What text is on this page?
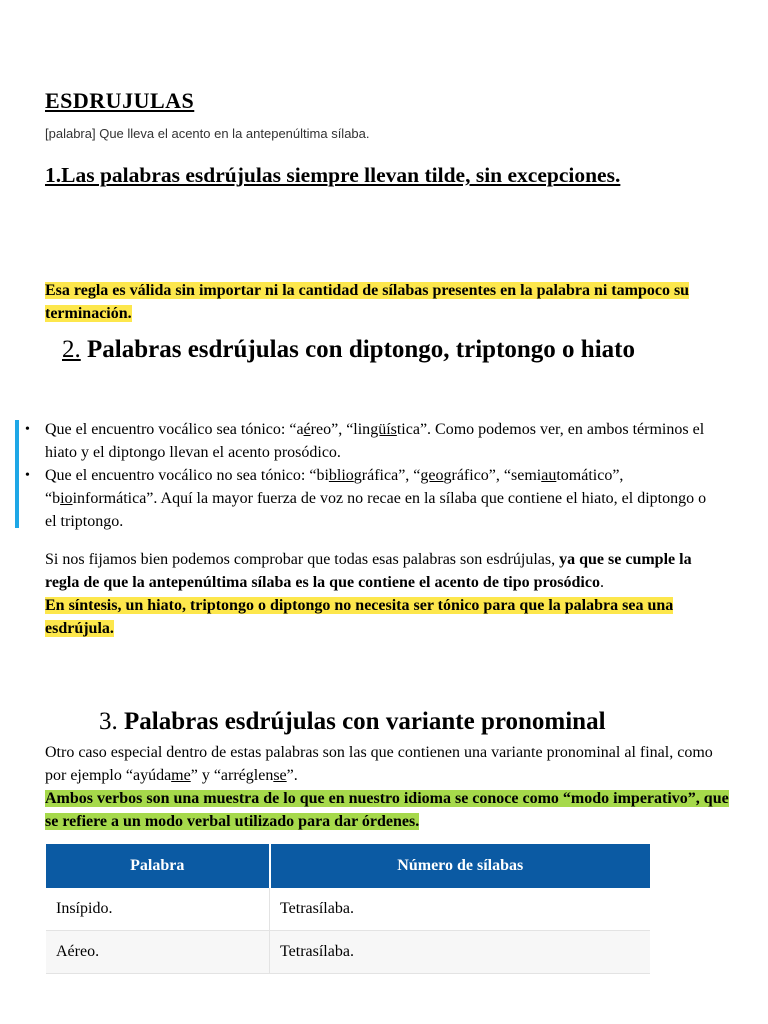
ESDRUJULAS
[palabra] Que lleva el acento en la antepenúltima sílaba.
1.Las palabras esdrújulas siempre llevan tilde, sin excepciones.
Esa regla es válida sin importar ni la cantidad de sílabas presentes en la palabra ni tampoco su terminación.
2. Palabras esdrújulas con diptongo, triptongo o hiato
• Que el encuentro vocálico sea tónico: “aéreo”, “lingüística”. Como podemos ver, en ambos términos el hiato y el diptongo llevan el acento prosódico.
• Que el encuentro vocálico no sea tónico: “bibliográfica”, “geográfico”, “semiautomático”, “bioinformática”. Aquí la mayor fuerza de voz no recae en la sílaba que contiene el hiato, el diptongo o el triptongo.
Si nos fijamos bien podemos comprobar que todas esas palabras son esdrújulas, ya que se cumple la regla de que la antepenúltima sílaba es la que contiene el acento de tipo prosódico.
En síntesis, un hiato, triptongo o diptongo no necesita ser tónico para que la palabra sea una esdrújula.
3. Palabras esdrújulas con variante pronominal
Otro caso especial dentro de estas palabras son las que contienen una variante pronominal al final, como por ejemplo “ayúdame” y “arréglense”.
Ambos verbos son una muestra de lo que en nuestro idioma se conoce como “modo imperativo”, que se refiere a un modo verbal utilizado para dar órdenes.
Palabra	Número de sílabas
Insípido.	Tetrasílaba.
Aéreo.	Tetrasílaba.
